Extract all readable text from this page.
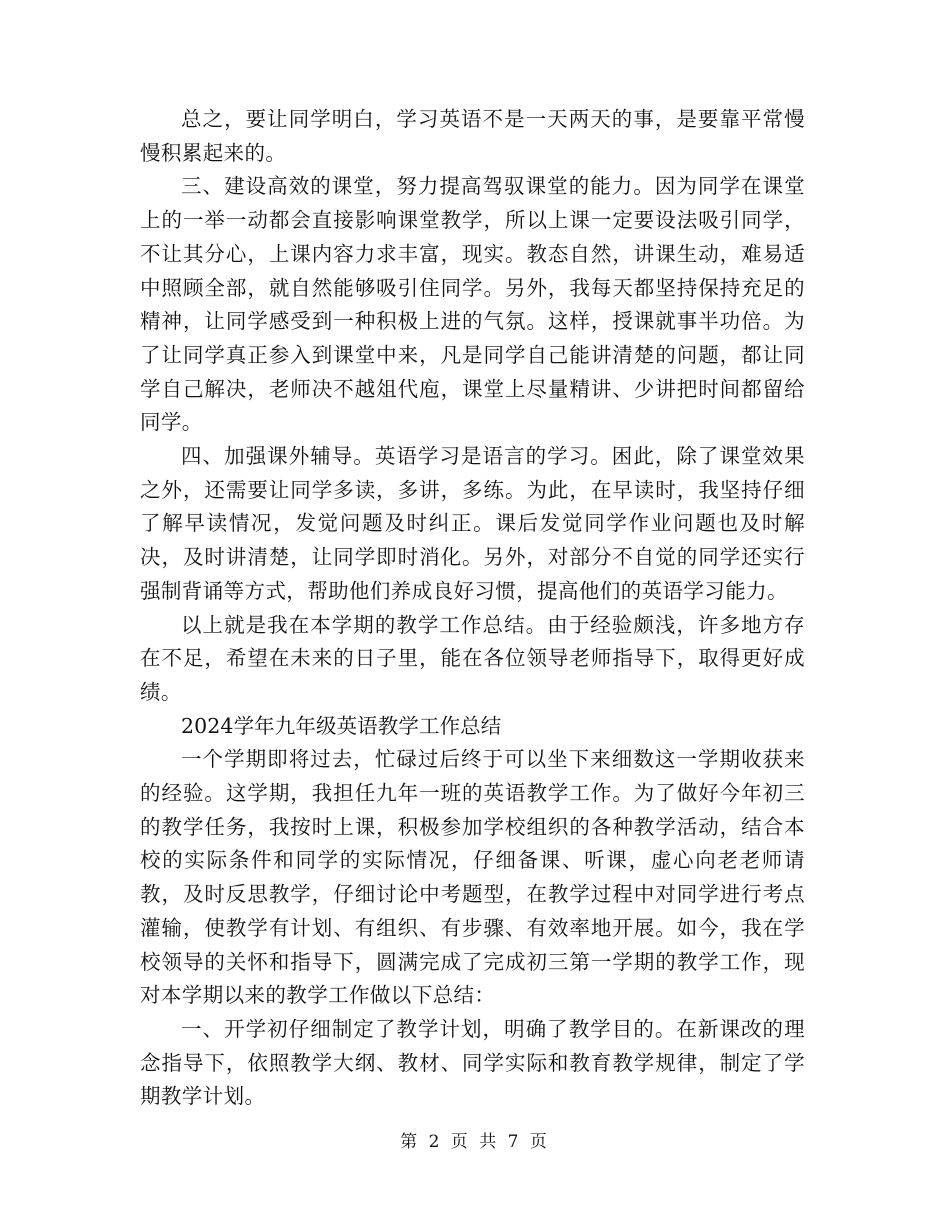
总之，要让同学明白，学习英语不是一天两天的事，是要靠平常慢慢积累起来的。

三、建设高效的课堂，努力提高驾驭课堂的能力。因为同学在课堂上的一举一动都会直接影响课堂教学，所以上课一定要设法吸引同学，不让其分心，上课内容力求丰富，现实。教态自然，讲课生动，难易适中照顾全部，就自然能够吸引住同学。另外，我每天都坚持保持充足的精神，让同学感受到一种积极上进的气氛。这样，授课就事半功倍。为了让同学真正参入到课堂中来，凡是同学自己能讲清楚的问题，都让同学自己解决，老师决不越俎代庖，课堂上尽量精讲、少讲把时间都留给同学。

四、加强课外辅导。英语学习是语言的学习。困此，除了课堂效果之外，还需要让同学多读，多讲，多练。为此，在早读时，我坚持仔细了解早读情况，发觉问题及时纠正。课后发觉同学作业问题也及时解决，及时讲清楚，让同学即时消化。另外，对部分不自觉的同学还实行强制背诵等方式，帮助他们养成良好习惯，提高他们的英语学习能力。

以上就是我在本学期的教学工作总结。由于经验颇浅，许多地方存在不足，希望在未来的日子里，能在各位领导老师指导下，取得更好成绩。

2024学年九年级英语教学工作总结

一个学期即将过去，忙碌过后终于可以坐下来细数这一学期收获来的经验。这学期，我担任九年一班的英语教学工作。为了做好今年初三的教学任务，我按时上课，积极参加学校组织的各种教学活动，结合本校的实际条件和同学的实际情况，仔细备课、听课，虚心向老老师请教，及时反思教学，仔细讨论中考题型，在教学过程中对同学进行考点灌输，使教学有计划、有组织、有步骤、有效率地开展。如今，我在学校领导的关怀和指导下，圆满完成了完成初三第一学期的教学工作，现对本学期以来的教学工作做以下总结：

一、开学初仔细制定了教学计划，明确了教学目的。在新课改的理念指导下，依照教学大纲、教材、同学实际和教育教学规律，制定了学期教学计划。

第 2 页 共 7 页
